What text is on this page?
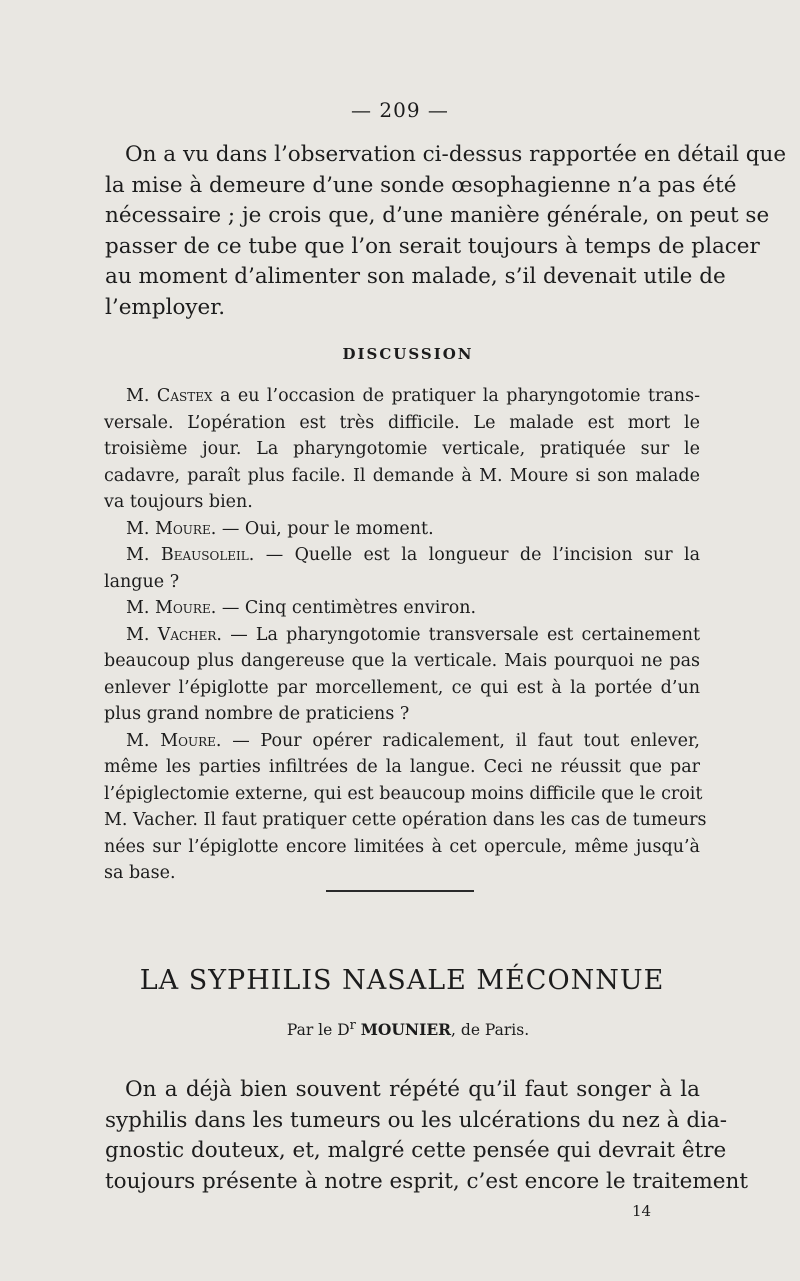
— 209 —
On a vu dans l’observation ci-dessus rapportée en détail que
la mise à demeure d’une sonde œsophagienne n’a pas été
nécessaire ; je crois que, d’une manière générale, on peut se
passer de ce tube que l’on serait toujours à temps de placer
au moment d’alimenter son malade, s’il devenait utile de
l’employer.
DISCUSSION
M. Castex a eu l’occasion de pratiquer la pharyngotomie trans-
versale. L’opération est très difficile. Le malade est mort le
troisième jour. La pharyngotomie verticale, pratiquée sur le
cadavre, paraît plus facile. Il demande à M. Moure si son malade
va toujours bien.
M. Moure. — Oui, pour le moment.
M. Beausoleil. — Quelle est la longueur de l’incision sur la
langue ?
M. Moure. — Cinq centimètres environ.
M. Vacher. — La pharyngotomie transversale est certainement
beaucoup plus dangereuse que la verticale. Mais pourquoi ne pas
enlever l’épiglotte par morcellement, ce qui est à la portée d’un
plus grand nombre de praticiens ?
M. Moure. — Pour opérer radicalement, il faut tout enlever,
même les parties infiltrées de la langue. Ceci ne réussit que par
l’épiglectomie externe, qui est beaucoup moins difficile que le croit
M. Vacher. Il faut pratiquer cette opération dans les cas de tumeurs
nées sur l’épiglotte encore limitées à cet opercule, même jusqu’à
sa base.
LA SYPHILIS NASALE MÉCONNUE
Par le $D^r$ MOUNIER, de Paris.
On a déjà bien souvent répété qu’il faut songer à la
syphilis dans les tumeurs ou les ulcérations du nez à dia-
gnostic douteux, et, malgré cette pensée qui devrait être
toujours présente à notre esprit, c’est encore le traitement
14
